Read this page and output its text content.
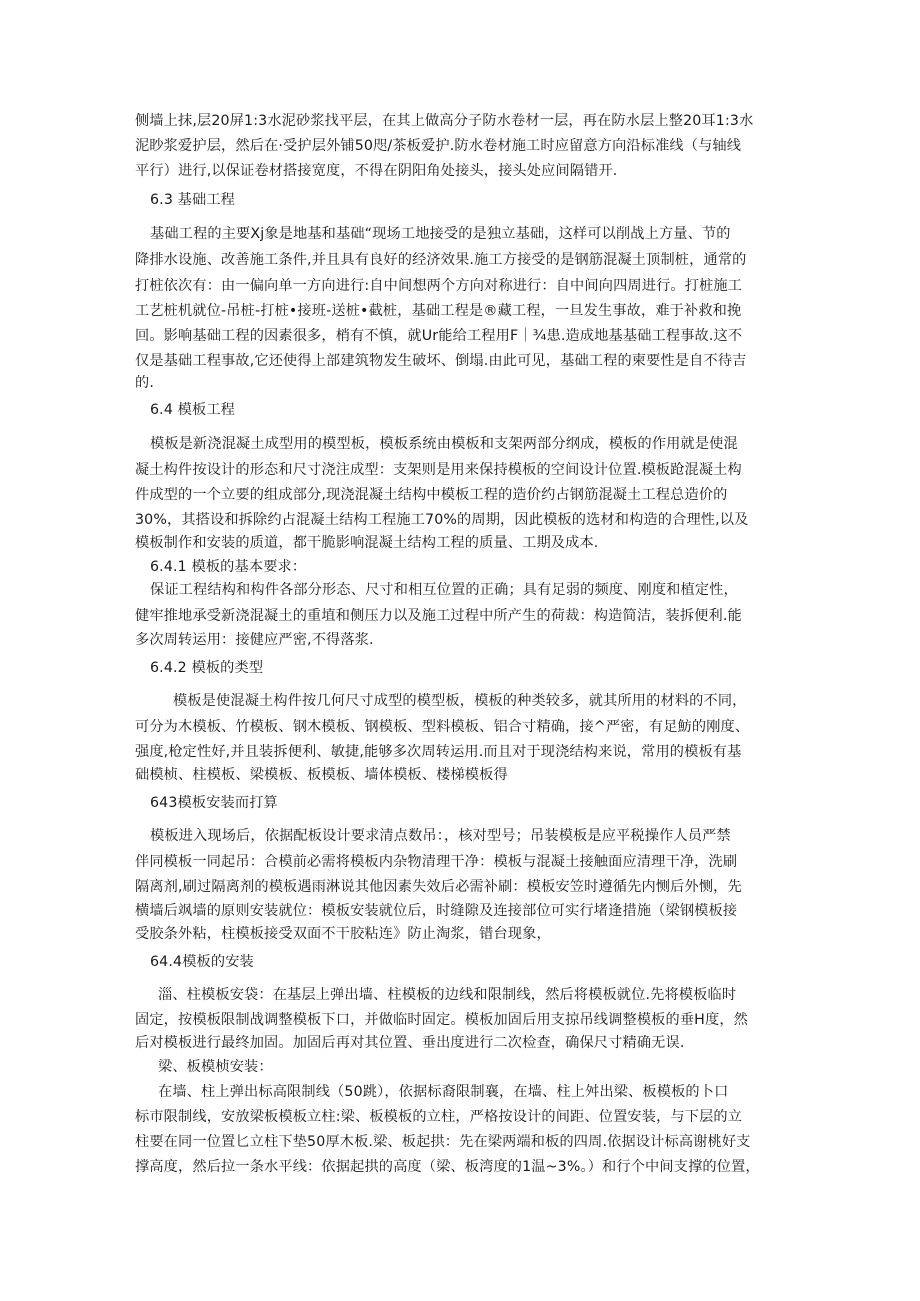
侧墙上抹,层20屏1:3水泥砂浆找平层，在其上做高分子防水卷材一层，再在防水层上整20耳1:3水
泥眇浆爱护层，然后在·受护层外铺50咫/茶板爱护.防水卷材施工时应留意方向沿标准线（与轴线
平行）进行,以保证卷材搭接宽度，不得在阴阳角处接头，接头处应间隔错开.
6.3 基础工程
基础工程的主要Xj象是地基和基础“现场工地接受的是独立基础，这样可以削战上方量、节的
降排水设施、改善施工条件,并且具有良好的经济效果.施工方接受的是钢筋混凝土顶制桩，通常的
打桩依次有：由一偏向单一方向进行:自中间想两个方向对称进行：自中间向四周进行。打桩施工
工艺桩机就位-吊桩-打桩•接班-送桩•截桩，基础工程是®藏工程，一旦发生事故，难于补救和挽
回。影响基础工程的因素很多，梢有不慎，就Ur能给工程用F｜¾患.造成地基基础工程事故.这不
仅是基础工程事故,它还使得上部建筑物发生破坏、倒塌.由此可见，基础工程的柬要性是自不待吉
的.
6.4 模板工程
模板是新浇混凝土成型用的模型板，模板系统由模板和支架两部分纲成，模板的作用就是使混
凝土构件按设计的形态和尺寸浇注成型：支架则是用来保持模板的空间设计位置.模板跄混凝土构
件成型的一个立要的组成部分,现浇混凝土结构中模板工程的造价约占钢筋混凝土工程总造价的
30%，其搭设和拆除约占混凝土结构工程施工70%的周期，因此模板的选材和构造的合理性,以及
模板制作和安装的质道，都干脆影响混凝土结构工程的质量、工期及成本.
6.4.1 模板的基本要求：
保证工程结构和构件各部分形态、尺寸和相互位置的正确；具有足弱的频度、刚度和植定性，
健牢推地承受新浇混凝土的重埴和侧压力以及施工过程中所产生的荷裁：构造简洁，装拆便利.能
多次周转运用：接健应严密,不得落浆.
6.4.2 模板的类型
模板是使混凝土构件按几何尺寸成型的模型板，模板的种类较多，就其所用的材料的不同，
可分为木模板、竹模板、钢木模板、钢模板、型料模板、铝合寸精确，接^严密，有足魴的刚度、
强度,枪定性好,并且装拆便利、敏捷,能够多次周转运用.而且对于现浇结构来说，常用的模板有基
础模桢、柱模板、梁模板、板模板、墙体模板、楼梯模板得
643模板安装而打算
模板进入现场后，依据配板设计要求清点数吊：，核对型号；吊装模板是应平税操作人员严禁
伴同模板一同起吊：合模前必需将模板内杂物清理干净：模板与混凝土接触面应清理干净，洗刷
隔离剂,刷过隔离剂的模板遇雨淋说其他因素失效后必需补刷：模板安笠时遵循先内恻后外恻，先
横墙后飒墙的原则安装就位：模板安装就位后，时缝隙及连接部位可实行堵逢措施（梁钢模板接
受胶条外粘，柱模板接受双面不干胶粘连》防止淘浆，错台现象，
64.4模板的安装
淄、柱模板安袋：在基层上弹出墙、柱模板的边线和限制线，然后将模板就位.先将模板临时
固定，按模板限制战调整模板下口，并做临时固定。模板加固后用支掠吊线调整模板的垂H度，然
后对模板进行最终加固。加固后再对其位置、垂出度进行二次检查，确保尺寸精确无误.
梁、板模桢安装：
在墙、柱上弹出标高限制线（50跳），依据标裔限制襄，在墙、柱上舛出梁、板模板的卜口
标市限制线，安放梁板模板立柱:梁、板模板的立柱，严格按设计的间距、位置安装，与下层的立
柱要在同一位置匕立柱下垫50厚木板.梁、板起拱：先在梁两端和板的四周.依据设计标高谢桃好支
撑高度，然后拉一条水平线：依据起拱的高度（梁、板湾度的1温~3%。）和行个中间支撑的位置，
